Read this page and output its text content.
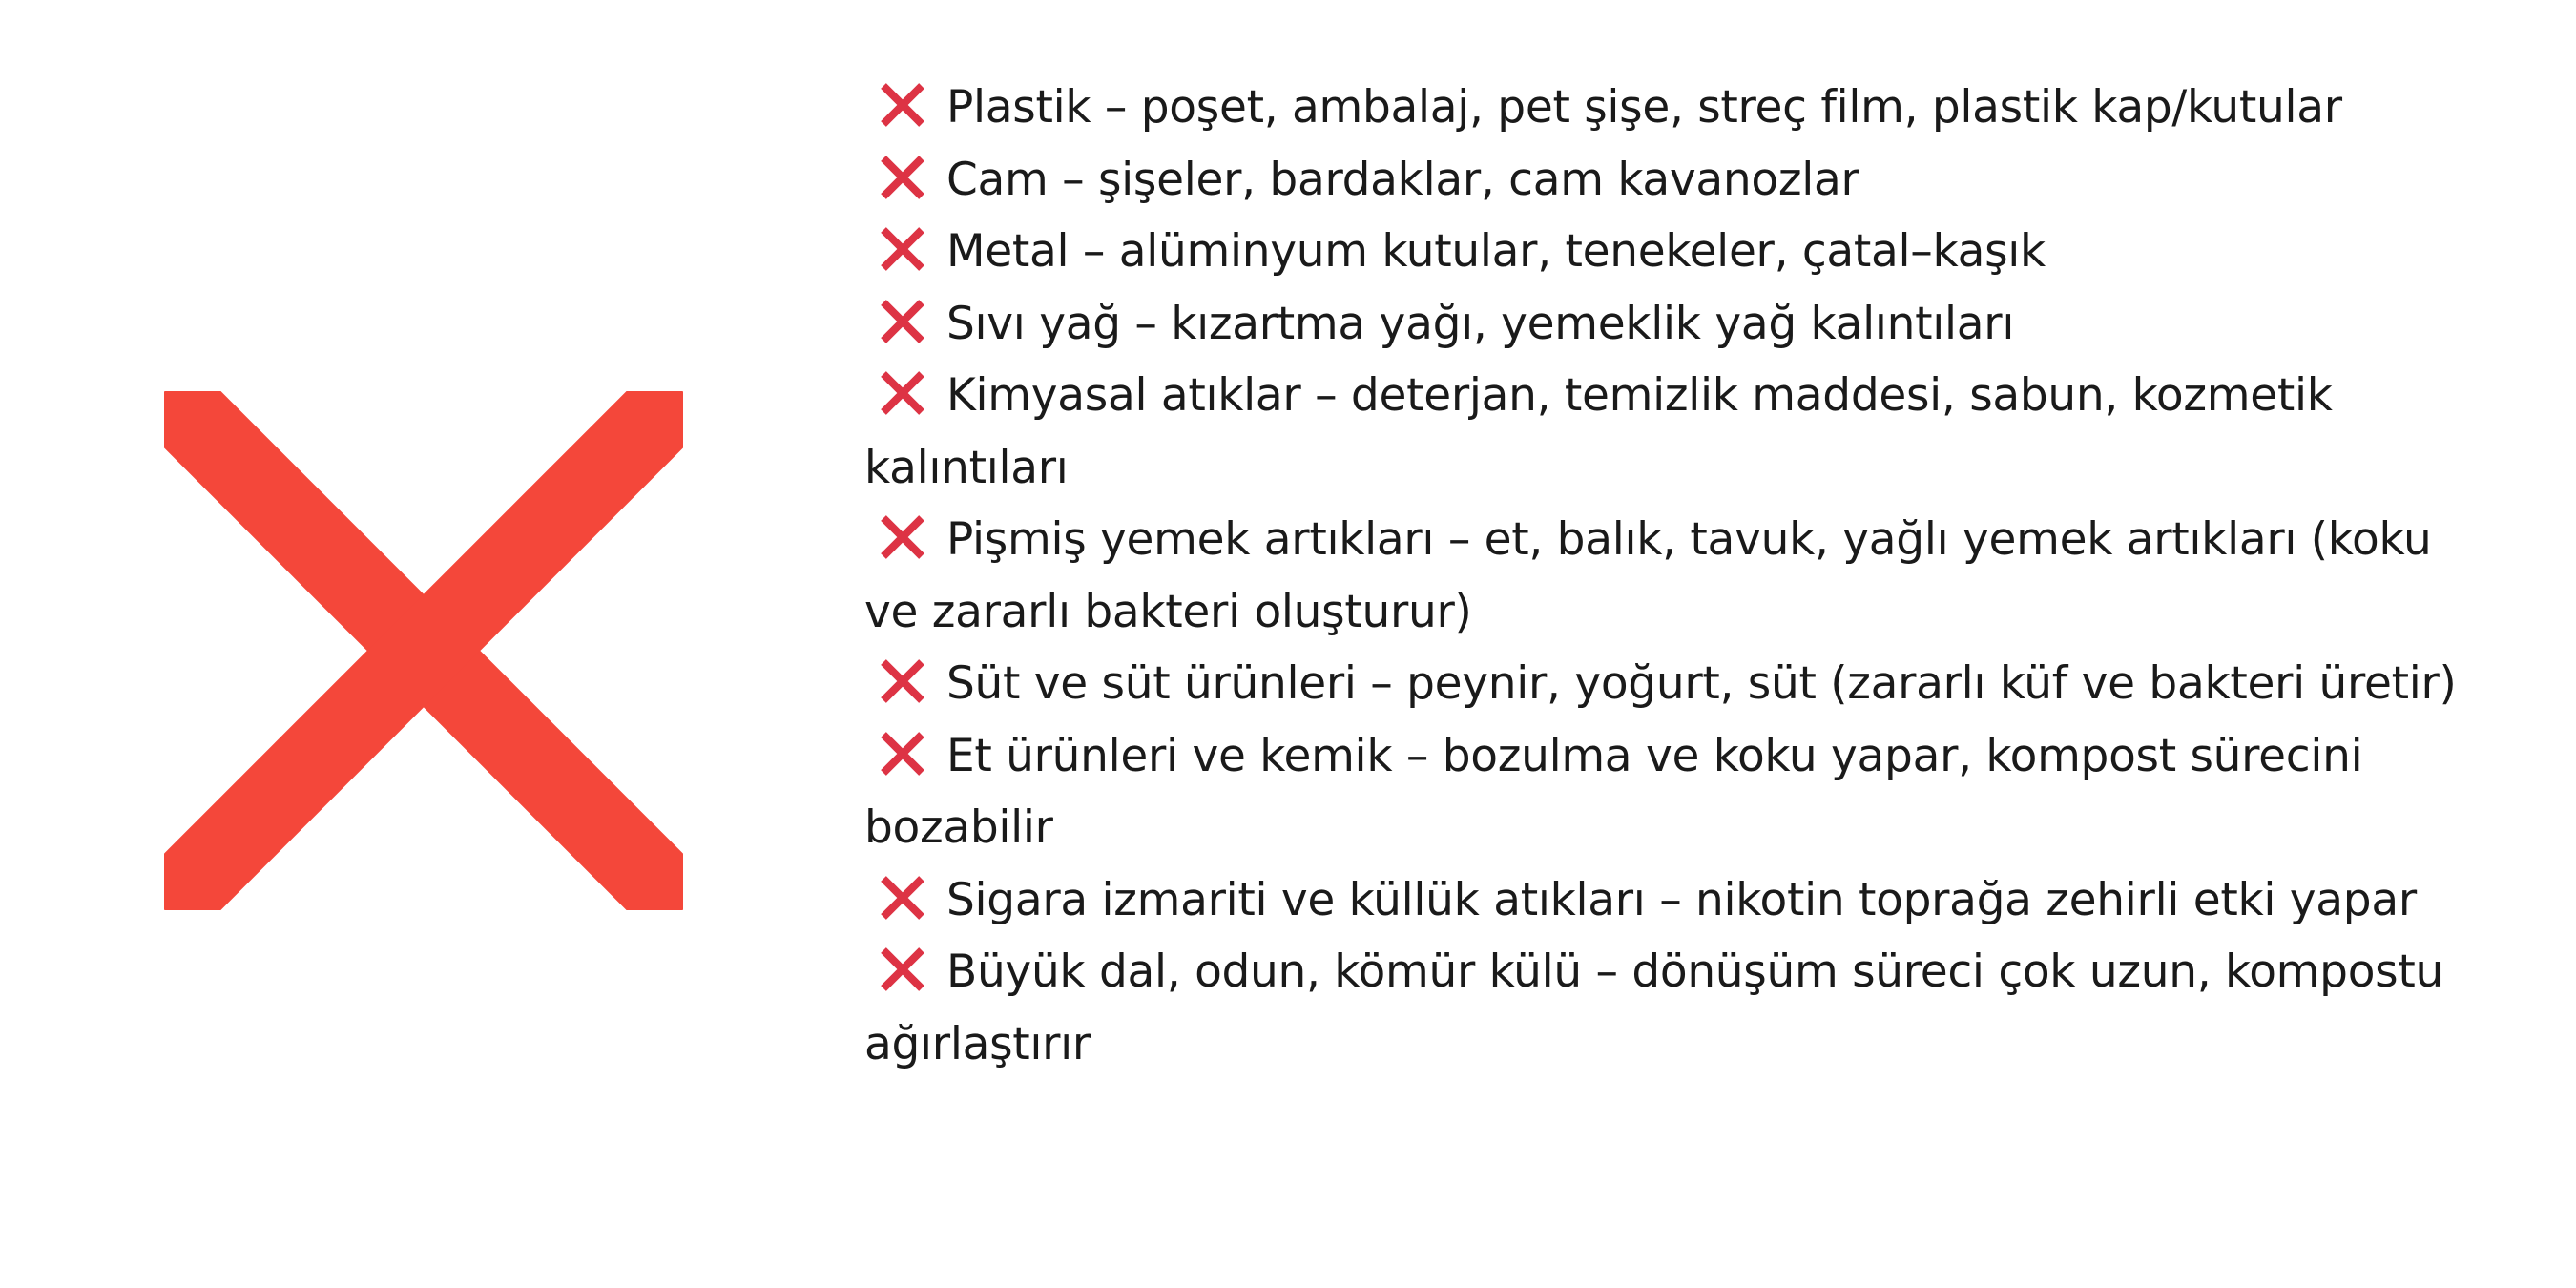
Plastik – poşet, ambalaj, pet şişe, streç film, plastik kap/kutular
Cam – şişeler, bardaklar, cam kavanozlar
Metal – alüminyum kutular, tenekeler, çatal–kaşık
Sıvı yağ – kızartma yağı, yemeklik yağ kalıntıları
Kimyasal atıklar – deterjan, temizlik maddesi, sabun, kozmetik kalıntıları
Pişmiş yemek artıkları – et, balık, tavuk, yağlı yemek artıkları (koku ve zararlı bakteri oluşturur)
Süt ve süt ürünleri – peynir, yoğurt, süt (zararlı küf ve bakteri üretir)
Et ürünleri ve kemik – bozulma ve koku yapar, kompost sürecini bozabilir
Sigara izmariti ve küllük atıkları – nikotin toprağa zehirli etki yapar
Büyük dal, odun, kömür külü – dönüşüm süreci çok uzun, kompostu ağırlaştırır
